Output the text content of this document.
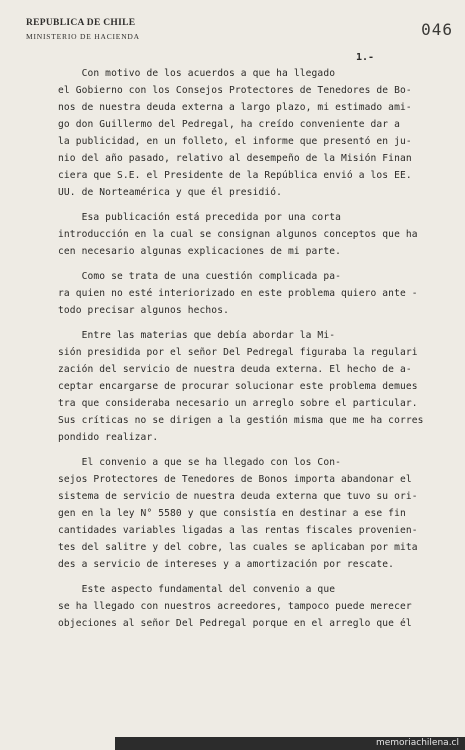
REPUBLICA DE CHILE
MINISTERIO DE HACIENDA	046
1.-
Con motivo de los acuerdos a que ha llegado
el Gobierno con los Consejos Protectores de Tenedores de Bo-
nos de nuestra deuda externa a largo plazo, mi estimado ami-
go don Guillermo del Pedregal, ha creído conveniente dar a
la publicidad, en un folleto, el informe que presentó en ju-
nio del año pasado, relativo al desempeño de la Misión Finan
ciera que S.E. el Presidente de la República envió a los EE.
UU. de Norteamérica y que él presidió.
Esa publicación está precedida por una corta
introducción en la cual se consignan algunos conceptos que ha
cen necesario algunas explicaciones de mi parte.
Como se trata de una cuestión complicada pa-
ra quien no esté interiorizado en este problema quiero ante -
todo precisar algunos hechos.
Entre las materias que debía abordar la Mi-
sión presidida por el señor Del Pedregal figuraba la regulari
zación del servicio de nuestra deuda externa. El hecho de a-
ceptar encargarse de procurar solucionar este problema demues
tra que consideraba necesario un arreglo sobre el particular.
Sus críticas no se dirigen a la gestión misma que me ha corres
pondido realizar.
El convenio a que se ha llegado con los Con-
sejos Protectores de Tenedores de Bonos importa abandonar el
sistema de servicio de nuestra deuda externa que tuvo su ori-
gen en la ley N° 5580 y que consistía en destinar a ese fin
cantidades variables ligadas a las rentas fiscales provenien-
tes del salitre y del cobre, las cuales se aplicaban por mita
des a servicio de intereses y a amortización por rescate.
Este aspecto fundamental del convenio a que
se ha llegado con nuestros acreedores, tampoco puede merecer
objeciones al señor Del Pedregal porque en el arreglo que él
memoriachilena.cl
